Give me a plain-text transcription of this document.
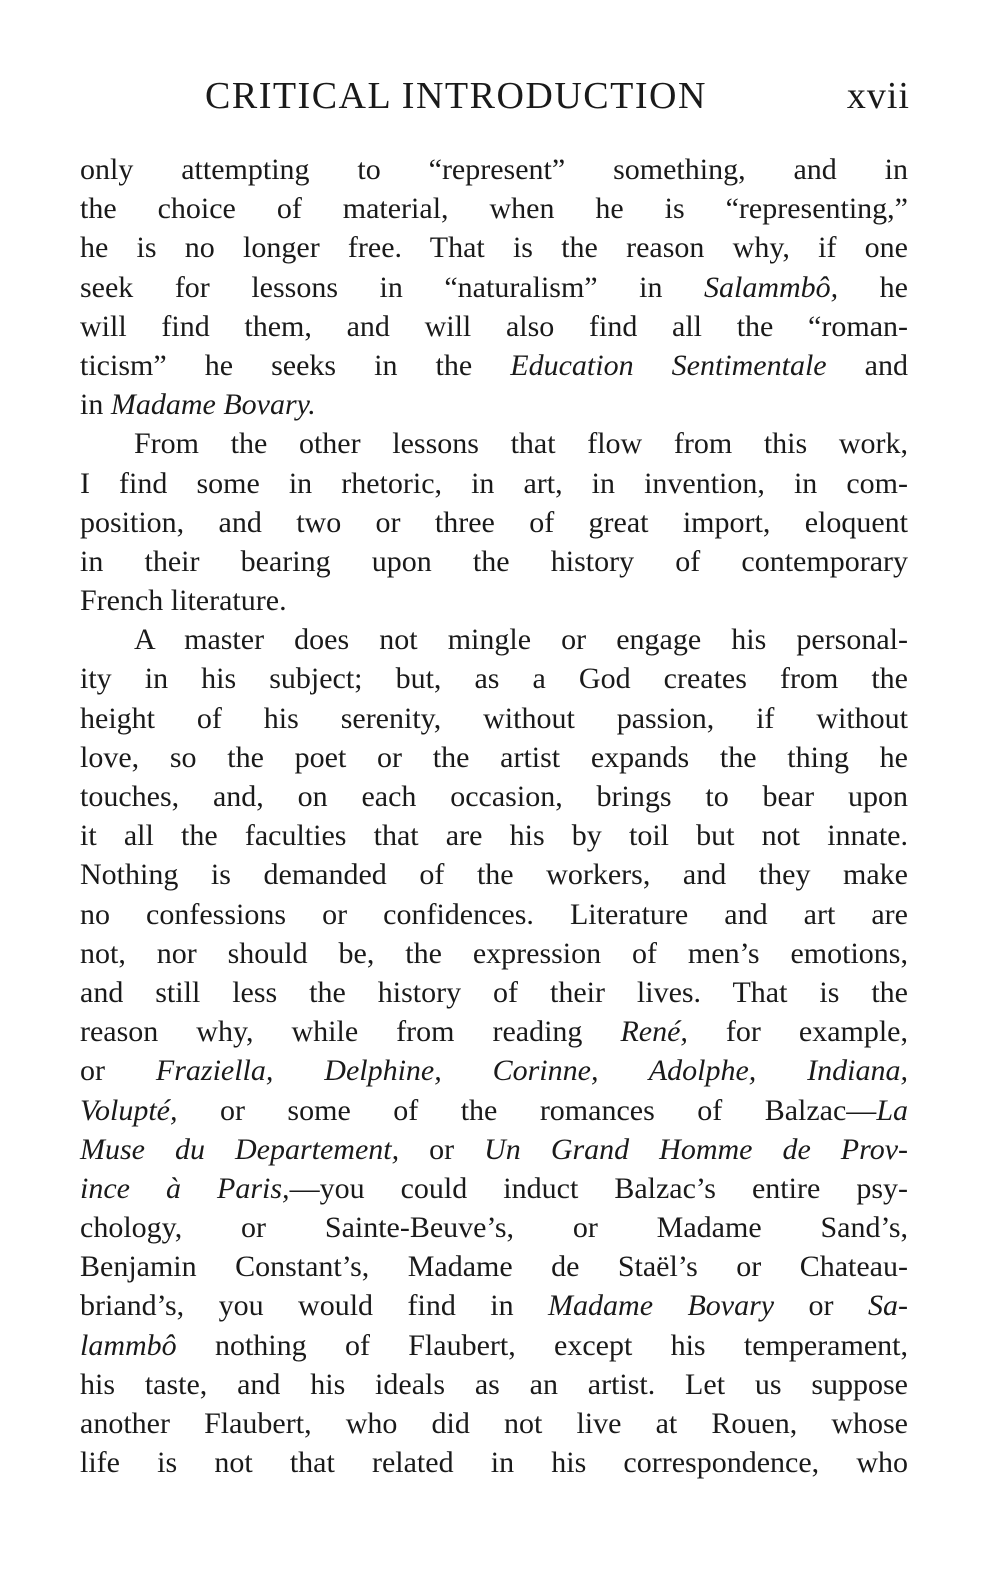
CRITICAL INTRODUCTION	xvii
only attempting to “represent” something, and in
the choice of material, when he is “representing,”
he is no longer free. That is the reason why, if one
seek for lessons in “naturalism” in Salammbô, he
will find them, and will also find all the “roman-
ticism” he seeks in the Education Sentimentale and
in Madame Bovary.
From the other lessons that flow from this work,
I find some in rhetoric, in art, in invention, in com-
position, and two or three of great import, eloquent
in their bearing upon the history of contemporary
French literature.
A master does not mingle or engage his personal-
ity in his subject; but, as a God creates from the
height of his serenity, without passion, if without
love, so the poet or the artist expands the thing he
touches, and, on each occasion, brings to bear upon
it all the faculties that are his by toil but not innate.
Nothing is demanded of the workers, and they make
no confessions or confidences. Literature and art are
not, nor should be, the expression of men’s emotions,
and still less the history of their lives. That is the
reason why, while from reading René, for example,
or Fraziella, Delphine, Corinne, Adolphe, Indiana,
Volupté, or some of the romances of Balzac—La
Muse du Departement, or Un Grand Homme de Prov-
ince à Paris,—you could induct Balzac’s entire psy-
chology, or Sainte-Beuve’s, or Madame Sand’s,
Benjamin Constant’s, Madame de Staël’s or Chateau-
briand’s, you would find in Madame Bovary or Sa-
lammbô nothing of Flaubert, except his temperament,
his taste, and his ideals as an artist. Let us suppose
another Flaubert, who did not live at Rouen, whose
life is not that related in his correspondence, who
